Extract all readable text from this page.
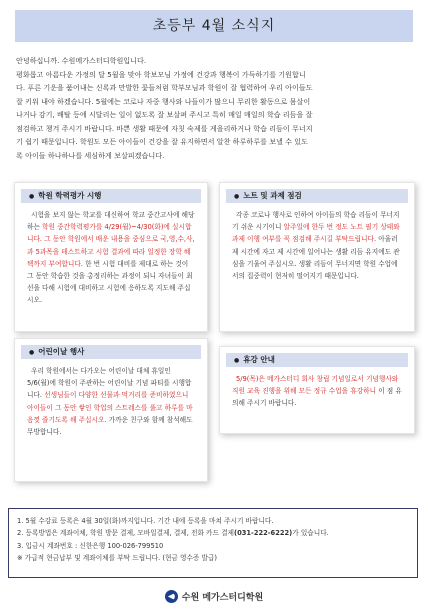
초등부 4월 소식지
안녕하십니까. 수원메가스터디학원입니다.
평화롭고 아름다운 가정의 달 5월을 맞아 학보모님 가정에 건강과 행복이 가득하기를 기원합니
다. 푸른 기운을 품어내는 신록과 만발한 꽃들처럼 학부모님과 학원이 잘 협력하여 우리 아이들도
잘 키워 내야 하겠습니다. 5월에는 코로나 자중 행사와 나들이가 많으니 무리한 활동으로 몸살이
나거나 감기, 배탈 등에 시달리는 일이 없도록 잘 보살펴 주시고 특히 매일 매일의 학습 리듬을 잘
점검하고 챙겨 주시기 바랍니다. 바쁜 생활 때문에 자칫 숙제를 게을리하거나 학습 리듬이 무너지
기 쉽기 때문입니다. 학원도 모든 아이들이 건강을 잘 유지하면서 알찬 하루하루를 보낼 수 있도
록 아이들 하나하나를 세심하게 보살피겠습니다.
● 학원 학력평가 시행
시험을 보지 않는 학교를 대신하여 학교 중간고사에 해당하는 학원 중간학력평가를 4/29(월)~4/30(화)에 실시합니다. 그 동안 학원에서 배운 내용을 중심으로 국,영,수,사,과 5과목을 테스트하고 시험 결과에 따라 일정한 장학 혜택까지 부여합니다. 한 번 시험 대비를 제대로 하는 것이 그 동안 학습한 것을 총정리하는 과정이 되니 자녀들이 최선을 다해 시험에 대비하고 시험에 응하도록 지도해 주십시오.
● 노트 및 과제 점검
각종 코로나 행사로 인하여 아이들의 학습 리듬이 무너지기 쉬운 시기이니 알주일에 한두 번 정도 노트 필기 상태와 과제 이행 여부를 꼭 점검해 주시길 부탁드립니다. 아울러 제 시간에 자고 제 시간에 일어나는 생활 리듬 유지에도 관심을 기울여 주십시오. 생활 리듬이 무너지면 학원 수업에서의 집중력이 현저히 떨어지기 때문입니다.
● 어린이날 행사
우리 학원에서는 다가오는 어린이날 대체 휴일인 5/6(월)에 학원이 주관하는 어린이날 기념 파티를 시행합니다. 선생님들이 다양한 선물과 먹거리를 준비하였으니 아이들이 그 동안 쌓인 학업의 스트레스를 풀고 하루를 마음껏 즐기도록 해 주십시오. 가까운 친구와 함께 참석해도 무방합니다.
● 휴강 안내
5/9(목)은 메가스터디 회사 창립 기념일로서 기념행사와 직원 교육 진행을 위해 모든 정규 수업을 휴강하니 이 점 유의해 주시기 바랍니다.
1. 5월 수강료 등록은 4월 30일(화)까지입니다. 기간 내에 등록을 마쳐 주시기 바랍니다.
2. 등록방법은 계좌이체, 학원 방문 결제, 모바일결제, 결제, 전화 카드 결제(031-222-6222)가 있습니다.
3. 입금시 계좌번호 : 신한은행 100-026-799510
※ 가급적 현금납부 및 계좌이체를 부탁 드립니다. (현금 영수증 발급)
수원 메가스터디학원
